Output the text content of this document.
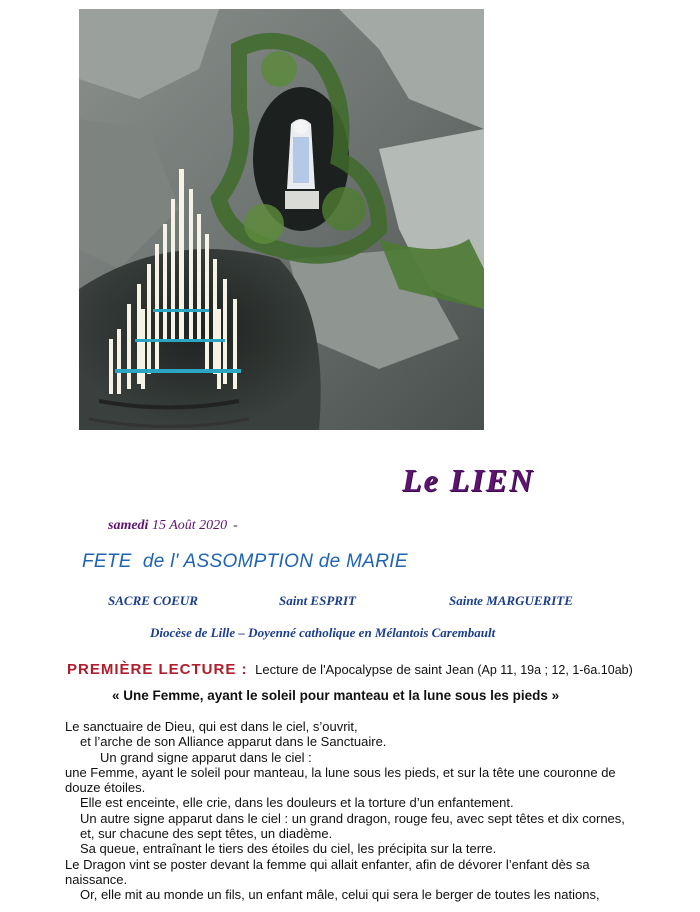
Le LIEN
samedi 15 Août 2020 -
FETE  de l' ASSOMPTION de MARIE
SACRE COEUR	Saint ESPRIT	Sainte MARGUERITE
Diocèse de Lille – Doyenné catholique en Mélantois Carembault
PREMIÈRE LECTURE : Lecture de l'Apocalypse de saint Jean (Ap 11, 19a ; 12, 1-6a.10ab)
« Une Femme, ayant le soleil pour manteau et la lune sous les pieds »

Le sanctuaire de Dieu, qui est dans le ciel, s’ouvrit,

et l’arche de son Alliance apparut dans le Sanctuaire.

Un grand signe apparut dans le ciel :

une Femme, ayant le soleil pour manteau, la lune sous les pieds, et sur la tête une couronne de douze étoiles.

Elle est enceinte, elle crie, dans les douleurs et la torture d’un enfantement.

Un autre signe apparut dans le ciel : un grand dragon, rouge feu, avec sept têtes et dix cornes,

et, sur chacune des sept têtes, un diadème.

Sa queue, entraînant le tiers des étoiles du ciel, les précipita sur la terre.

Le Dragon vint se poster devant la femme qui allait enfanter, afin de dévorer l’enfant dès sa naissance.

Or, elle mit au monde un fils, un enfant mâle, celui qui sera le berger de toutes les nations,
